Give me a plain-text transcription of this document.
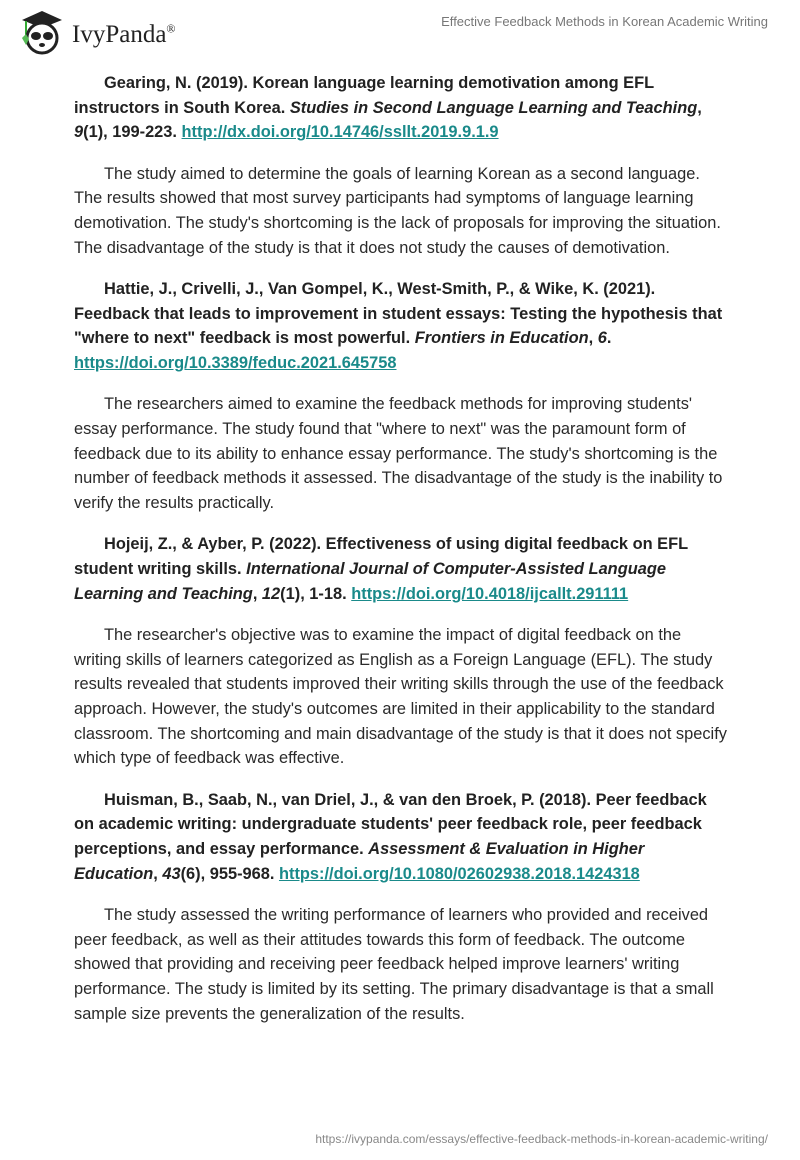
IvyPanda®	Effective Feedback Methods in Korean Academic Writing

Gearing, N. (2019). Korean language learning demotivation among EFL instructors in South Korea. Studies in Second Language Learning and Teaching, 9(1), 199-223. http://dx.doi.org/10.14746/ssllt.2019.9.1.9

The study aimed to determine the goals of learning Korean as a second language. The results showed that most survey participants had symptoms of language learning demotivation. The study's shortcoming is the lack of proposals for improving the situation. The disadvantage of the study is that it does not study the causes of demotivation.

Hattie, J., Crivelli, J., Van Gompel, K., West-Smith, P., & Wike, K. (2021). Feedback that leads to improvement in student essays: Testing the hypothesis that "where to next" feedback is most powerful. Frontiers in Education, 6. https://doi.org/10.3389/feduc.2021.645758

The researchers aimed to examine the feedback methods for improving students' essay performance. The study found that "where to next" was the paramount form of feedback due to its ability to enhance essay performance. The study's shortcoming is the number of feedback methods it assessed. The disadvantage of the study is the inability to verify the results practically.

Hojeij, Z., & Ayber, P. (2022). Effectiveness of using digital feedback on EFL student writing skills. International Journal of Computer-Assisted Language Learning and Teaching, 12(1), 1-18. https://doi.org/10.4018/ijcallt.291111

The researcher's objective was to examine the impact of digital feedback on the writing skills of learners categorized as English as a Foreign Language (EFL). The study results revealed that students improved their writing skills through the use of the feedback approach. However, the study's outcomes are limited in their applicability to the standard classroom. The shortcoming and main disadvantage of the study is that it does not specify which type of feedback was effective.

Huisman, B., Saab, N., van Driel, J., & van den Broek, P. (2018). Peer feedback on academic writing: undergraduate students' peer feedback role, peer feedback perceptions, and essay performance. Assessment & Evaluation in Higher Education, 43(6), 955-968. https://doi.org/10.1080/02602938.2018.1424318

The study assessed the writing performance of learners who provided and received peer feedback, as well as their attitudes towards this form of feedback. The outcome showed that providing and receiving peer feedback helped improve learners' writing performance. The study is limited by its setting. The primary disadvantage is that a small sample size prevents the generalization of the results.

https://ivypanda.com/essays/effective-feedback-methods-in-korean-academic-writing/
